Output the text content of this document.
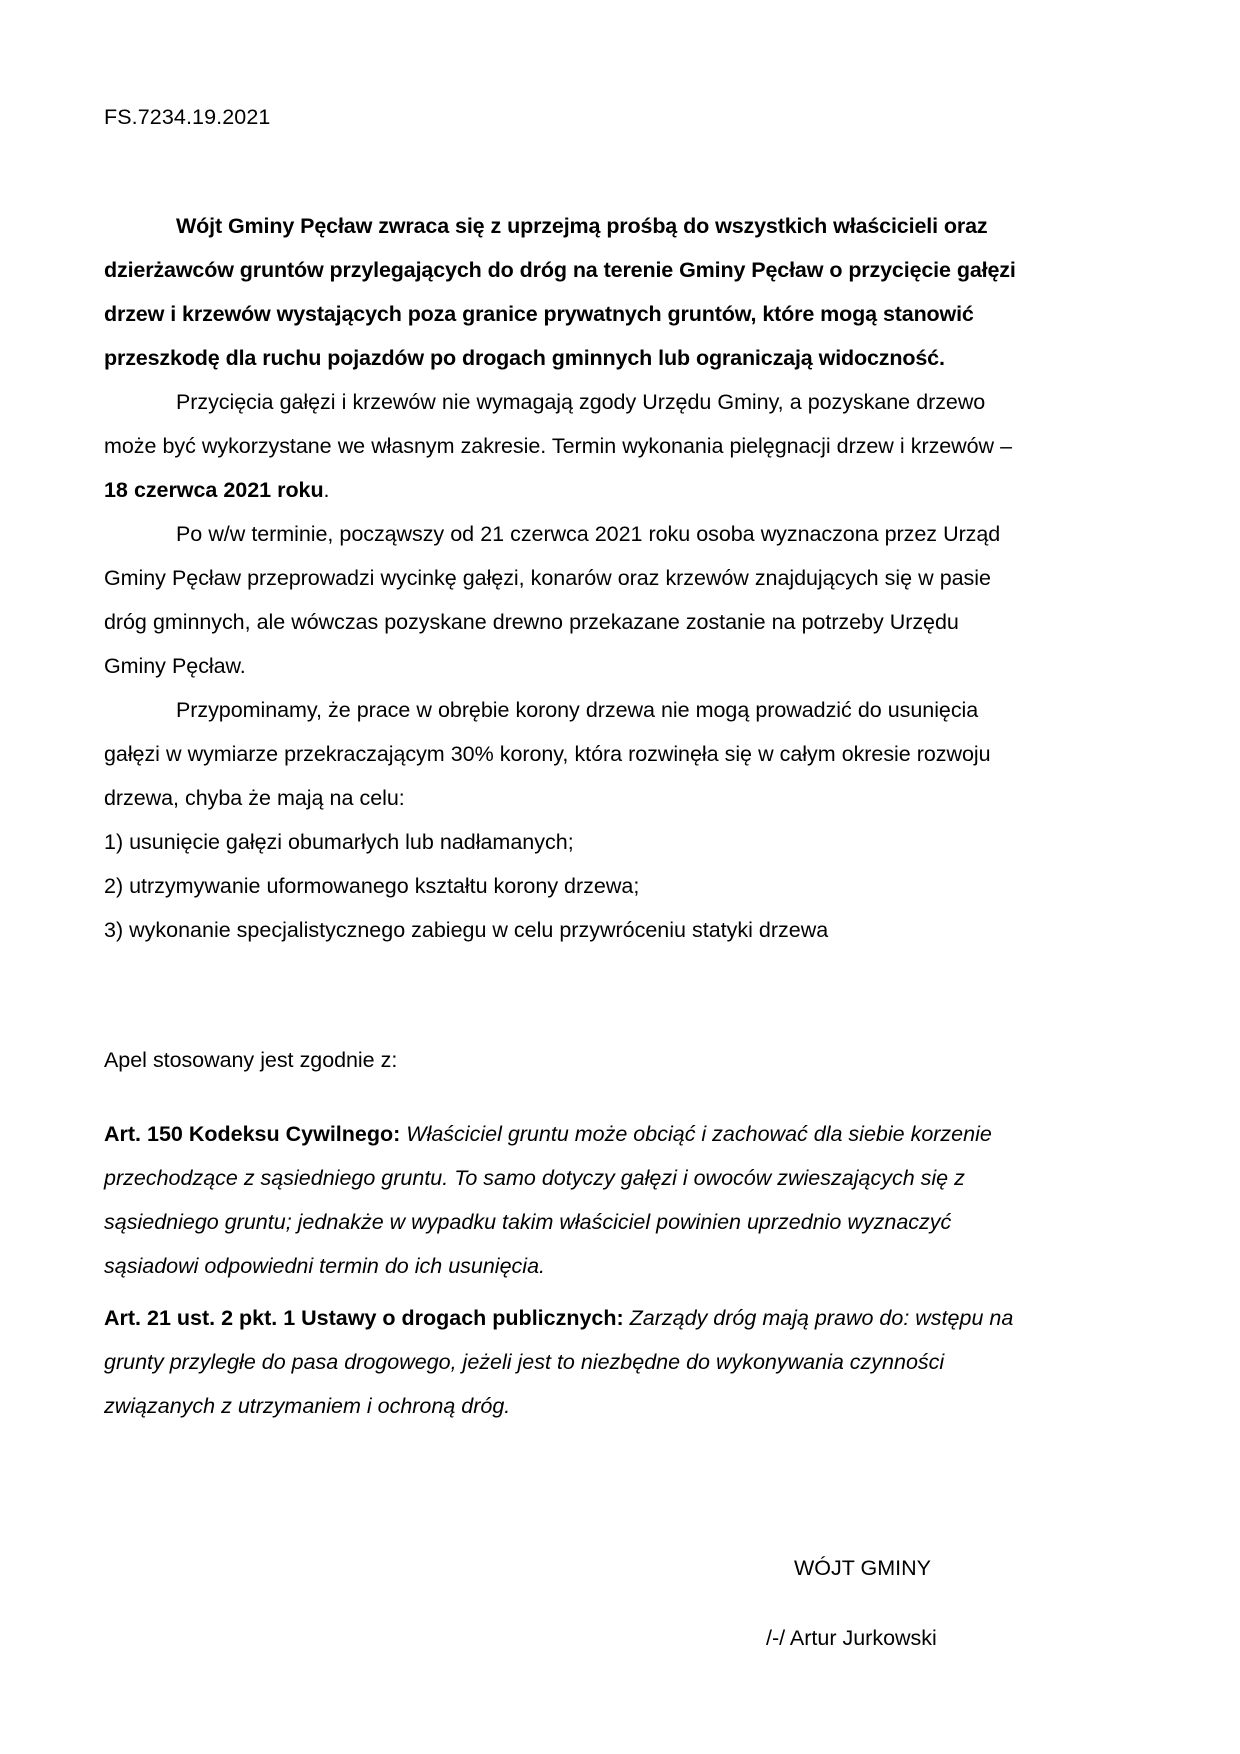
FS.7234.19.2021

Wójt Gminy Pęcław zwraca się z uprzejmą prośbą do wszystkich właścicieli oraz dzierżawców gruntów przylegających do dróg na terenie Gminy Pęcław o przycięcie gałęzi drzew i krzewów wystających poza granice prywatnych gruntów, które mogą stanowić przeszkodę dla ruchu pojazdów po drogach gminnych lub ograniczają widoczność.

Przycięcia gałęzi i krzewów nie wymagają zgody Urzędu Gminy, a pozyskane drzewo może być wykorzystane we własnym zakresie. Termin wykonania pielęgnacji drzew i krzewów – 18 czerwca 2021 roku.

Po w/w terminie, począwszy od 21 czerwca 2021 roku osoba wyznaczona przez Urząd Gminy Pęcław przeprowadzi wycinkę gałęzi, konarów oraz krzewów znajdujących się w pasie dróg gminnych, ale wówczas pozyskane drewno przekazane zostanie na potrzeby Urzędu Gminy Pęcław.

Przypominamy, że prace w obrębie korony drzewa nie mogą prowadzić do usunięcia gałęzi w wymiarze przekraczającym 30% korony, która rozwinęła się w całym okresie rozwoju drzewa, chyba że mają na celu:

1) usunięcie gałęzi obumarłych lub nadłamanych;

2) utrzymywanie uformowanego kształtu korony drzewa;

3) wykonanie specjalistycznego zabiegu w celu przywróceniu statyki drzewa

Apel stosowany jest zgodnie z:

Art. 150 Kodeksu Cywilnego: Właściciel gruntu może obciąć i zachować dla siebie korzenie przechodzące z sąsiedniego gruntu. To samo dotyczy gałęzi i owoców zwieszających się z sąsiedniego gruntu; jednakże w wypadku takim właściciel powinien uprzednio wyznaczyć sąsiadowi odpowiedni termin do ich usunięcia.

Art. 21 ust. 2 pkt. 1 Ustawy o drogach publicznych: Zarządy dróg mają prawo do: wstępu na grunty przyległe do pasa drogowego, jeżeli jest to niezbędne do wykonywania czynności związanych z utrzymaniem i ochroną dróg.

WÓJT GMINY

/-/ Artur Jurkowski
